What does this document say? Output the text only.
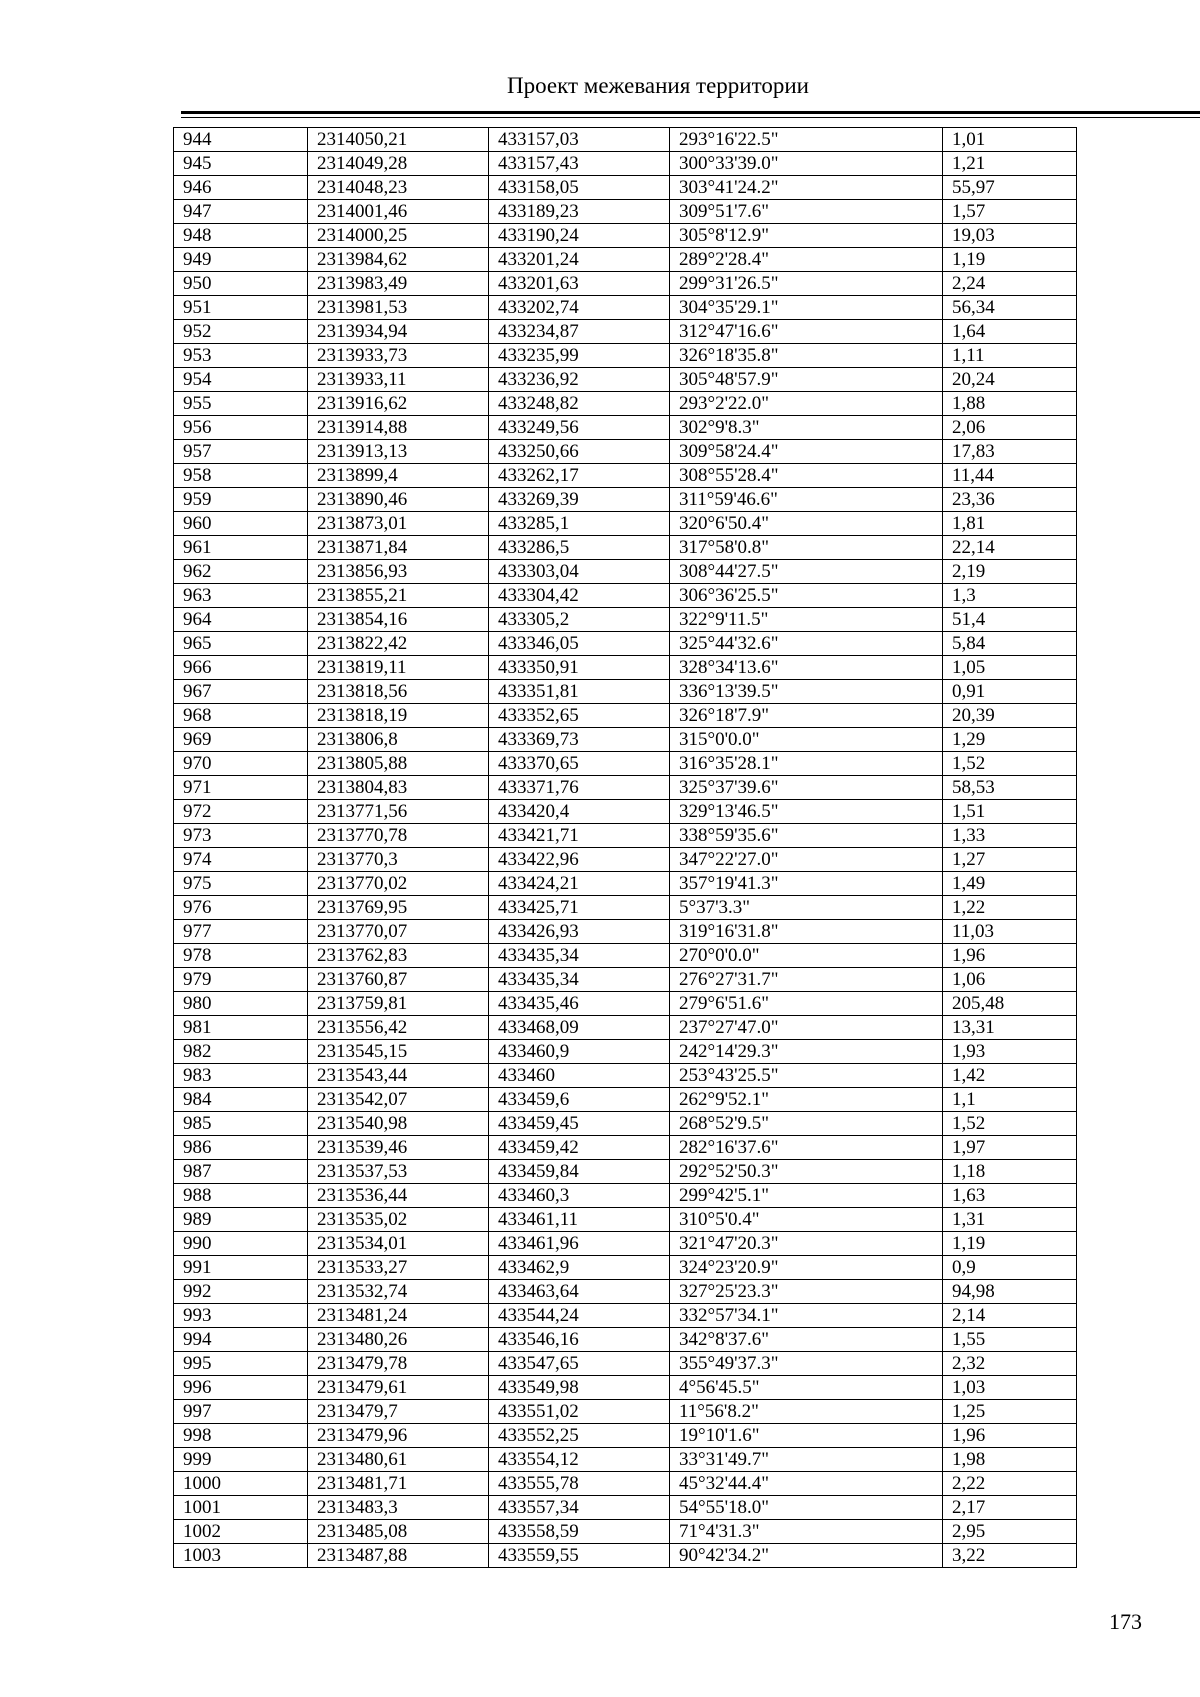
Проект межевания территории
944	2314050,21	433157,03	293°16'22.5"	1,01
945	2314049,28	433157,43	300°33'39.0"	1,21
946	2314048,23	433158,05	303°41'24.2"	55,97
947	2314001,46	433189,23	309°51'7.6"	1,57
948	2314000,25	433190,24	305°8'12.9"	19,03
949	2313984,62	433201,24	289°2'28.4"	1,19
950	2313983,49	433201,63	299°31'26.5"	2,24
951	2313981,53	433202,74	304°35'29.1"	56,34
952	2313934,94	433234,87	312°47'16.6"	1,64
953	2313933,73	433235,99	326°18'35.8"	1,11
954	2313933,11	433236,92	305°48'57.9"	20,24
955	2313916,62	433248,82	293°2'22.0"	1,88
956	2313914,88	433249,56	302°9'8.3"	2,06
957	2313913,13	433250,66	309°58'24.4"	17,83
958	2313899,4	433262,17	308°55'28.4"	11,44
959	2313890,46	433269,39	311°59'46.6"	23,36
960	2313873,01	433285,1	320°6'50.4"	1,81
961	2313871,84	433286,5	317°58'0.8"	22,14
962	2313856,93	433303,04	308°44'27.5"	2,19
963	2313855,21	433304,42	306°36'25.5"	1,3
964	2313854,16	433305,2	322°9'11.5"	51,4
965	2313822,42	433346,05	325°44'32.6"	5,84
966	2313819,11	433350,91	328°34'13.6"	1,05
967	2313818,56	433351,81	336°13'39.5"	0,91
968	2313818,19	433352,65	326°18'7.9"	20,39
969	2313806,8	433369,73	315°0'0.0"	1,29
970	2313805,88	433370,65	316°35'28.1"	1,52
971	2313804,83	433371,76	325°37'39.6"	58,53
972	2313771,56	433420,4	329°13'46.5"	1,51
973	2313770,78	433421,71	338°59'35.6"	1,33
974	2313770,3	433422,96	347°22'27.0"	1,27
975	2313770,02	433424,21	357°19'41.3"	1,49
976	2313769,95	433425,71	5°37'3.3"	1,22
977	2313770,07	433426,93	319°16'31.8"	11,03
978	2313762,83	433435,34	270°0'0.0"	1,96
979	2313760,87	433435,34	276°27'31.7"	1,06
980	2313759,81	433435,46	279°6'51.6"	205,48
981	2313556,42	433468,09	237°27'47.0"	13,31
982	2313545,15	433460,9	242°14'29.3"	1,93
983	2313543,44	433460	253°43'25.5"	1,42
984	2313542,07	433459,6	262°9'52.1"	1,1
985	2313540,98	433459,45	268°52'9.5"	1,52
986	2313539,46	433459,42	282°16'37.6"	1,97
987	2313537,53	433459,84	292°52'50.3"	1,18
988	2313536,44	433460,3	299°42'5.1"	1,63
989	2313535,02	433461,11	310°5'0.4"	1,31
990	2313534,01	433461,96	321°47'20.3"	1,19
991	2313533,27	433462,9	324°23'20.9"	0,9
992	2313532,74	433463,64	327°25'23.3"	94,98
993	2313481,24	433544,24	332°57'34.1"	2,14
994	2313480,26	433546,16	342°8'37.6"	1,55
995	2313479,78	433547,65	355°49'37.3"	2,32
996	2313479,61	433549,98	4°56'45.5"	1,03
997	2313479,7	433551,02	11°56'8.2"	1,25
998	2313479,96	433552,25	19°10'1.6"	1,96
999	2313480,61	433554,12	33°31'49.7"	1,98
1000	2313481,71	433555,78	45°32'44.4"	2,22
1001	2313483,3	433557,34	54°55'18.0"	2,17
1002	2313485,08	433558,59	71°4'31.3"	2,95
1003	2313487,88	433559,55	90°42'34.2"	3,22
173
